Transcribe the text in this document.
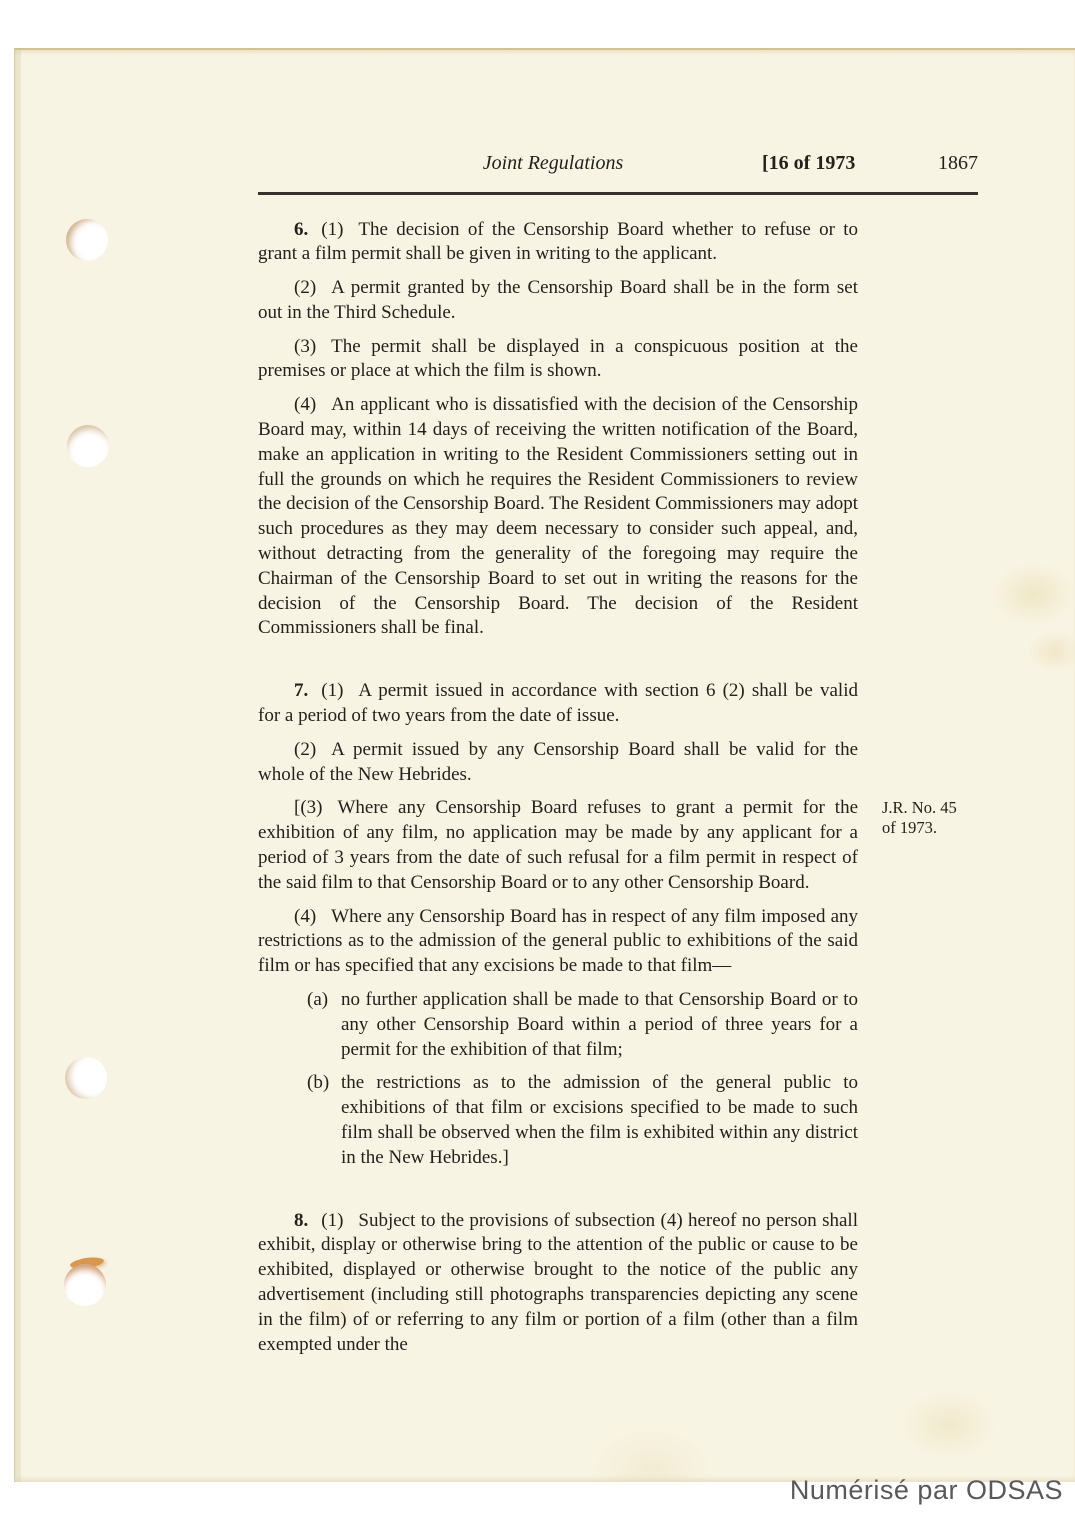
Joint Regulations	[16 of 1973	1867

6. (1) The decision of the Censorship Board whether to refuse or to grant a film permit shall be given in writing to the applicant.

(2) A permit granted by the Censorship Board shall be in the form set out in the Third Schedule.

(3) The permit shall be displayed in a conspicuous position at the premises or place at which the film is shown.

(4) An applicant who is dissatisfied with the decision of the Censorship Board may, within 14 days of receiving the written notification of the Board, make an application in writing to the Resident Commissioners setting out in full the grounds on which he requires the Resident Commissioners to review the decision of the Censorship Board. The Resident Commissioners may adopt such procedures as they may deem necessary to consider such appeal, and, without detracting from the generality of the foregoing may require the Chairman of the Censorship Board to set out in writing the reasons for the decision of the Censorship Board. The decision of the Resident Commissioners shall be final.

7. (1) A permit issued in accordance with section 6 (2) shall be valid for a period of two years from the date of issue.

(2) A permit issued by any Censorship Board shall be valid for the whole of the New Hebrides.

[(3) Where any Censorship Board refuses to grant a permit for the exhibition of any film, no application may be made by any applicant for a period of 3 years from the date of such refusal for a film permit in respect of the said film to that Censorship Board or to any other Censorship Board.
J.R. No. 45
of 1973.

(4) Where any Censorship Board has in respect of any film imposed any restrictions as to the admission of the general public to exhibitions of the said film or has specified that any excisions be made to that film—

(a) no further application shall be made to that Censorship Board or to any other Censorship Board within a period of three years for a permit for the exhibition of that film;
(b) the restrictions as to the admission of the general public to exhibitions of that film or excisions specified to be made to such film shall be observed when the film is exhibited within any district in the New Hebrides.]

8. (1) Subject to the provisions of subsection (4) hereof no person shall exhibit, display or otherwise bring to the attention of the public or cause to be exhibited, displayed or otherwise brought to the notice of the public any advertisement (including still photographs transparencies depicting any scene in the film) of or referring to any film or portion of a film (other than a film exempted under the

Numérisé par ODSAS
